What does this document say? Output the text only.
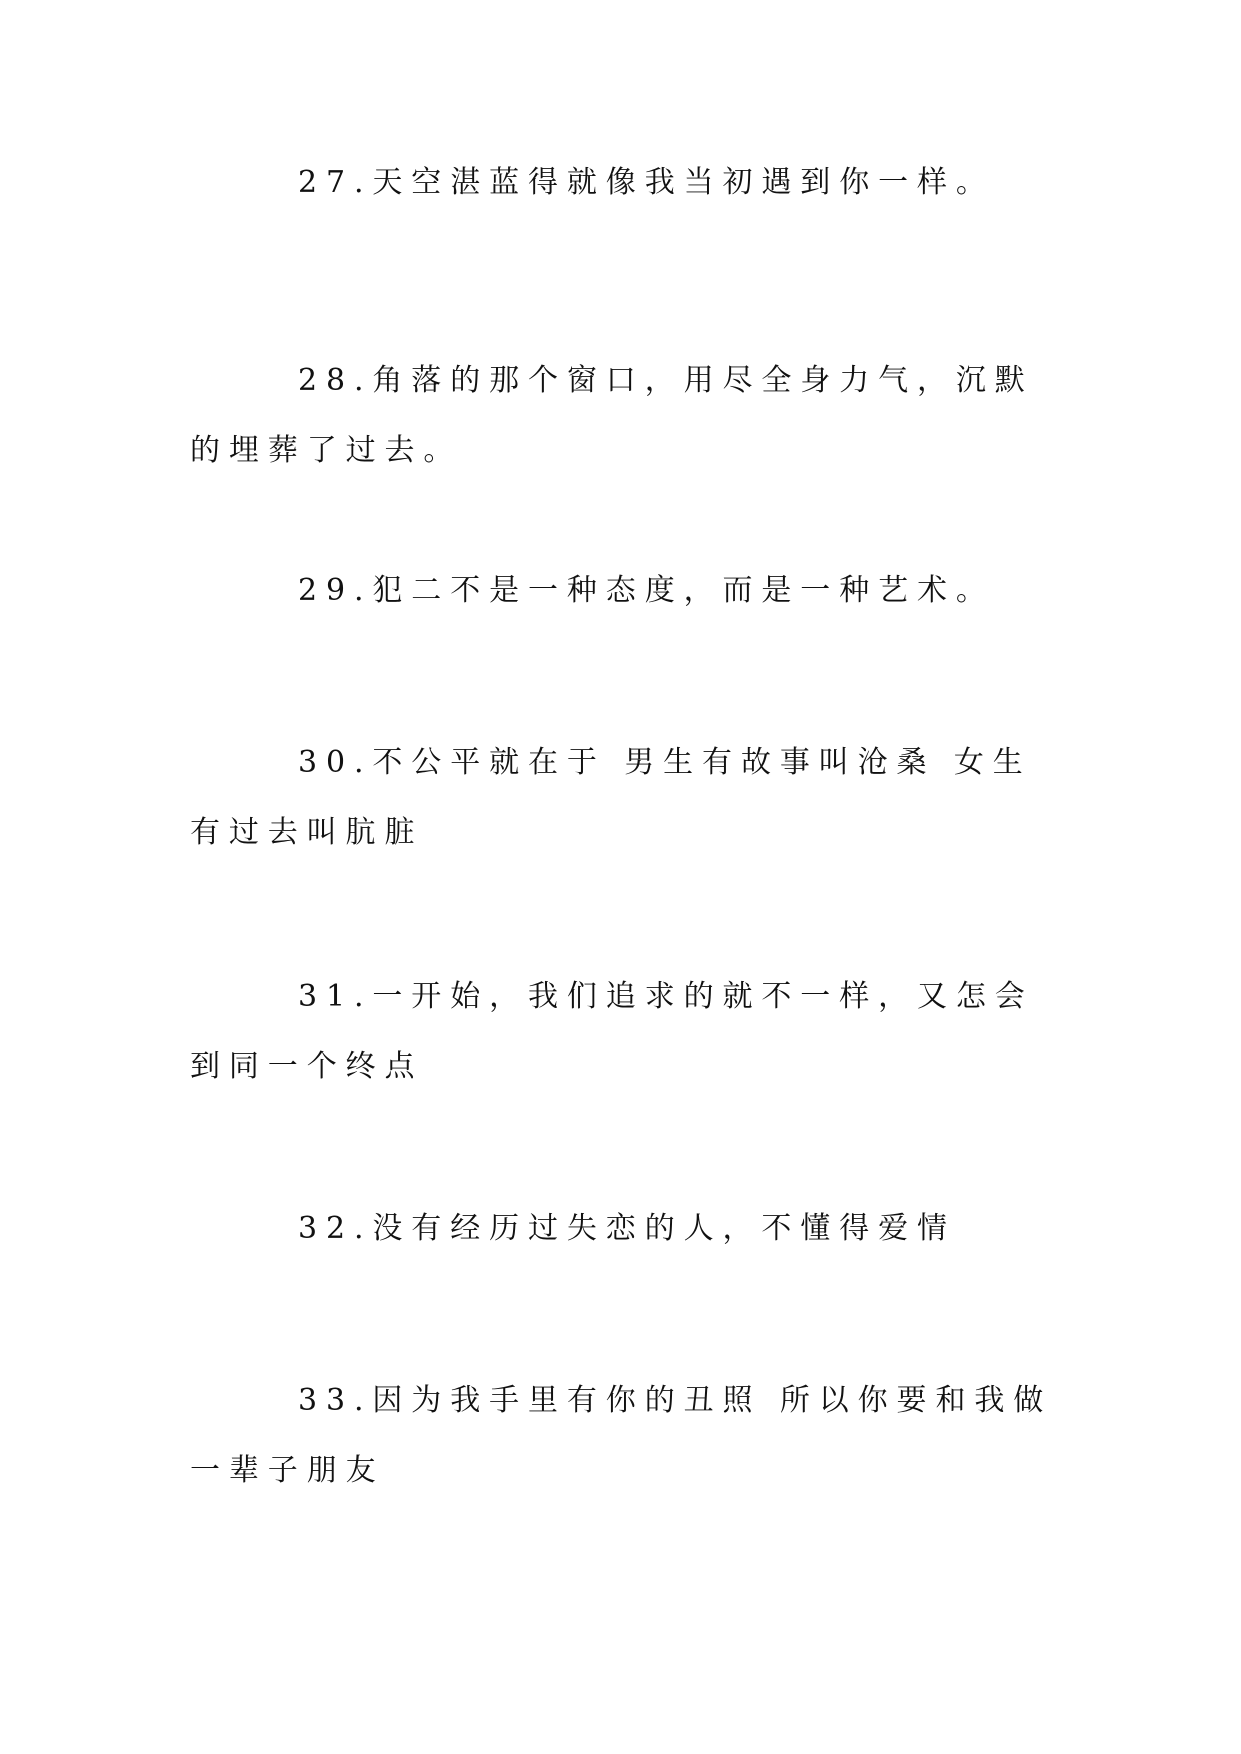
27.天空湛蓝得就像我当初遇到你一样。

28.角落的那个窗口，用尽全身力气，沉默的埋葬了过去。

29.犯二不是一种态度，而是一种艺术。

30.不公平就在于 男生有故事叫沧桑 女生有过去叫肮脏

31.一开始，我们追求的就不一样，又怎会到同一个终点

32.没有经历过失恋的人，不懂得爱情

33.因为我手里有你的丑照 所以你要和我做一辈子朋友
